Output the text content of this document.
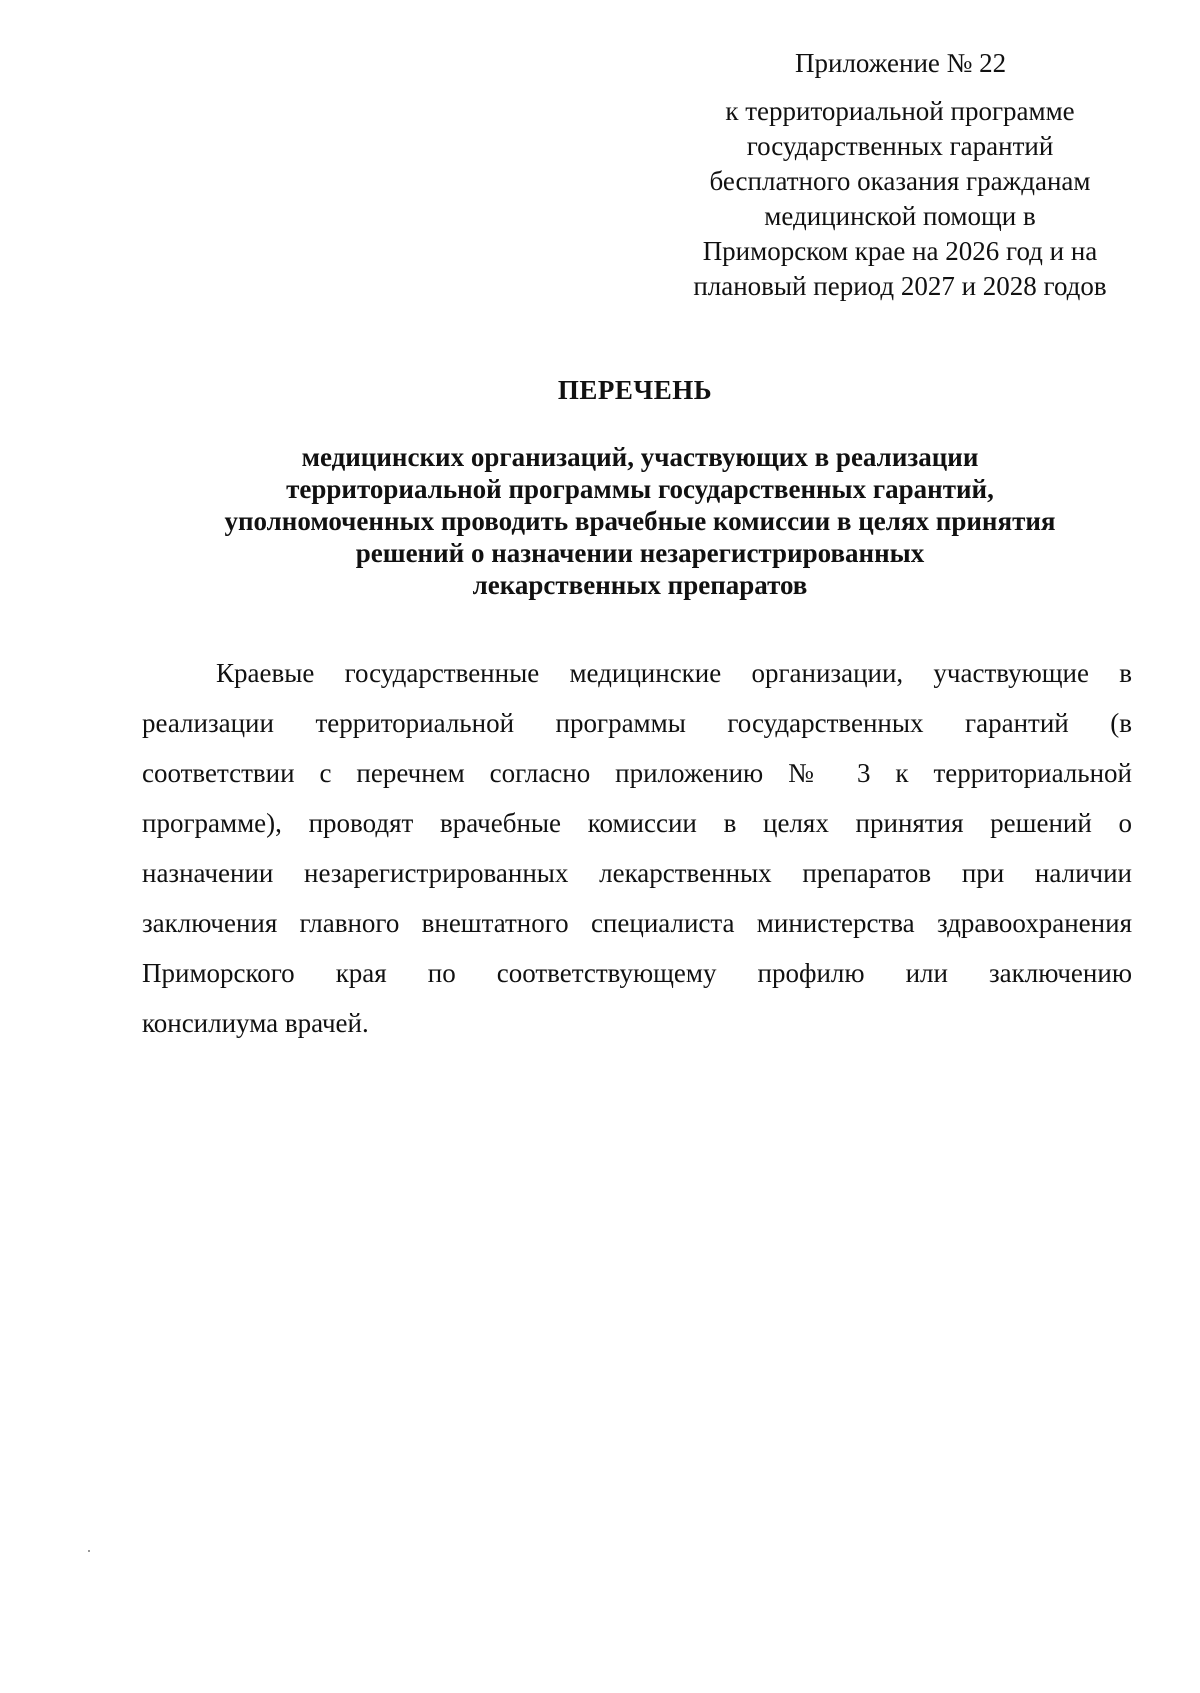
Приложение № 22
к территориальной программе
государственных гарантий
бесплатного оказания гражданам
медицинской помощи в
Приморском крае на 2026 год и на
плановый период 2027 и 2028 годов
ПЕРЕЧЕНЬ
медицинских организаций, участвующих в реализации
территориальной программы государственных гарантий,
уполномоченных проводить врачебные комиссии в целях принятия
решений о назначении незарегистрированных
лекарственных препаратов
Краевые государственные медицинские организации, участвующие в
реализации территориальной программы государственных гарантий (в
соответствии с перечнем согласно приложению № 3 к территориальной
программе), проводят врачебные комиссии в целях принятия решений о
назначении незарегистрированных лекарственных препаратов при наличии
заключения главного внештатного специалиста министерства здравоохранения
Приморского края по соответствующему профилю или заключению
консилиума врачей.
